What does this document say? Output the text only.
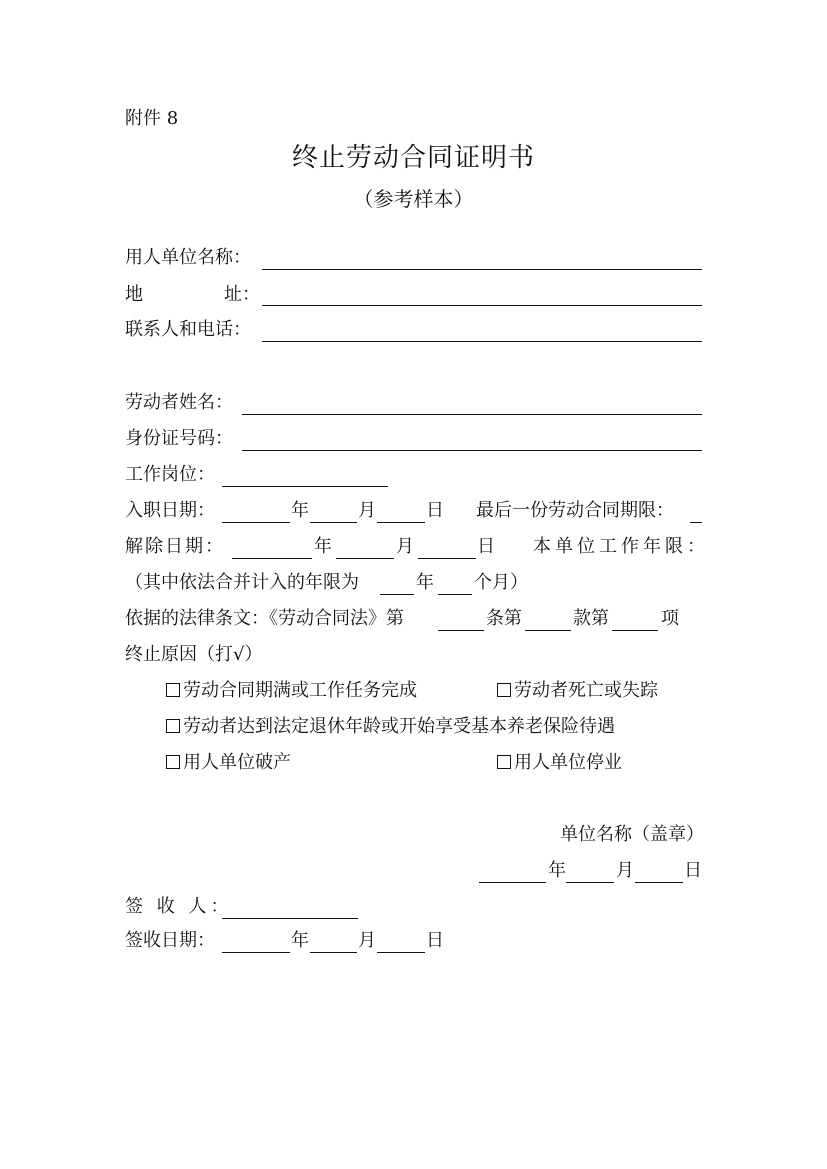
附件 8
终止劳动合同证明书
（参考样本）
用人单位名称：
地	址：
联系人和电话：
劳动者姓名：
身份证号码：
工作岗位：
入职日期：	年	月	日 最后一份劳动合同期限：
解除日期：	年	月	日 本单位工作年限：
（其中依法合并计入的年限为	年 个月）
依据的法律条文：《劳动合同法》第	条第	款第	项
终止原因（打√）
劳动合同期满或工作任务完成	劳动者死亡或失踪
劳动者达到法定退休年龄或开始享受基本养老保险待遇
用人单位破产	用人单位停业
单位名称（盖章）
年	月	日
签 收 人：
签收日期：	年	月	日
